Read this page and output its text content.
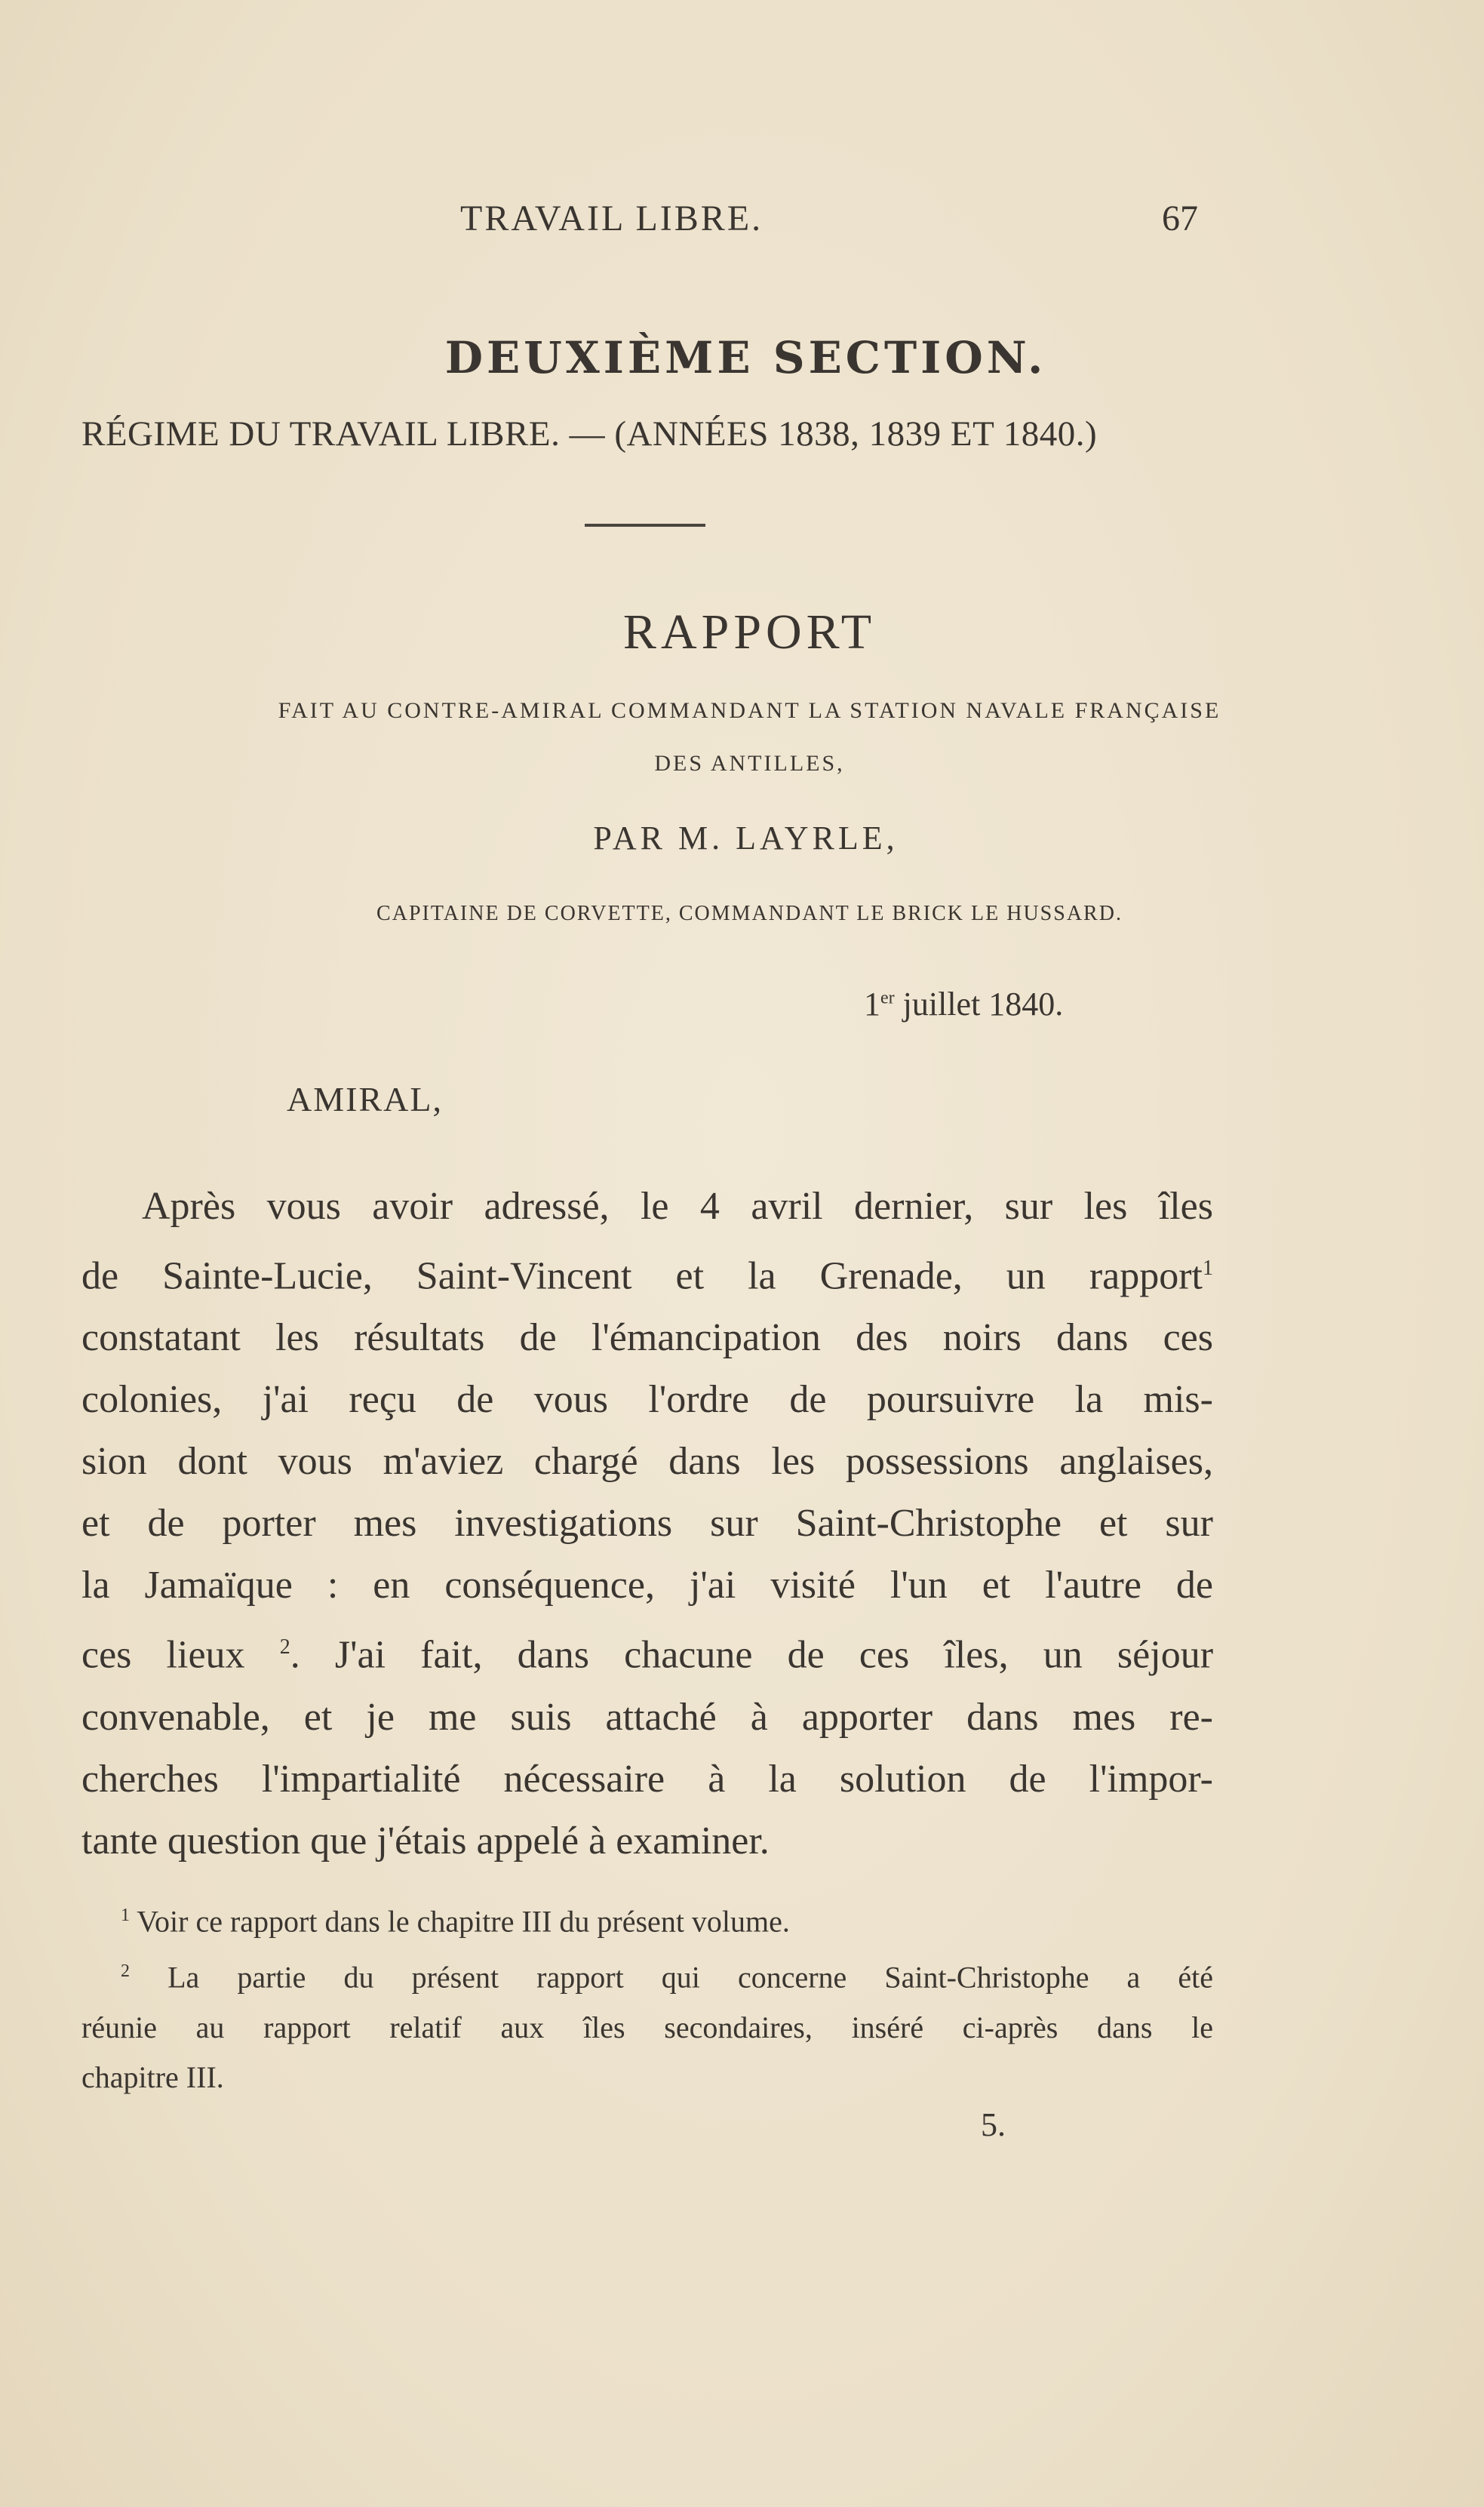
TRAVAIL LIBRE.	67
DEUXIÈME SECTION.
RÉGIME DU TRAVAIL LIBRE. — (ANNÉES 1838, 1839 ET 1840.)
RAPPORT
FAIT AU CONTRE-AMIRAL COMMANDANT LA STATION NAVALE FRANÇAISE
DES ANTILLES,
PAR M. LAYRLE,
CAPITAINE DE CORVETTE, COMMANDANT LE BRICK LE HUSSARD.
1er juillet 1840.
AMIRAL,
Après vous avoir adressé, le 4 avril dernier, sur les îles
de Sainte-Lucie, Saint-Vincent et la Grenade, un rapport$^1$
constatant les résultats de l'émancipation des noirs dans ces
colonies, j'ai reçu de vous l'ordre de poursuivre la mis-
sion dont vous m'aviez chargé dans les possessions anglaises,
et de porter mes investigations sur Saint-Christophe et sur
la Jamaïque : en conséquence, j'ai visité l'un et l'autre de
ces lieux $^2$. J'ai fait, dans chacune de ces îles, un séjour
convenable, et je me suis attaché à apporter dans mes re-
cherches l'impartialité nécessaire à la solution de l'impor-
tante question que j'étais appelé à examiner.
$^1$ Voir ce rapport dans le chapitre III du présent volume.
$^2$ La partie du présent rapport qui concerne Saint-Christophe a été
réunie au rapport relatif aux îles secondaires, inséré ci-après dans le
chapitre III.
5.
